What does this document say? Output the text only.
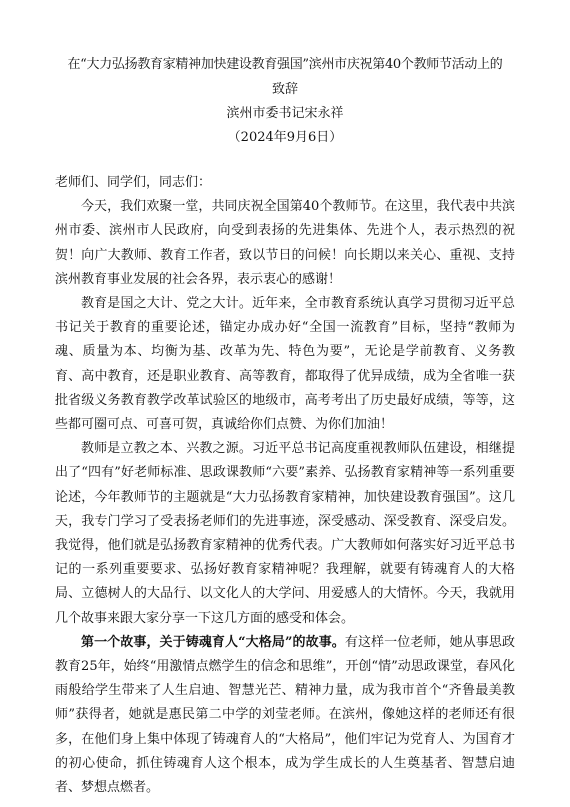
在“大力弘扬教育家精神加快建设教育强国”滨州市庆祝第40个教师节活动上的
致辞
滨州市委书记宋永祥
（2024年9月6日）

老师们、同学们，同志们：

今天，我们欢聚一堂，共同庆祝全国第40个教师节。在这里，我代表中共滨州市委、滨州市人民政府，向受到表扬的先进集体、先进个人，表示热烈的祝贺！向广大教师、教育工作者，致以节日的问候！向长期以来关心、重视、支持滨州教育事业发展的社会各界，表示衷心的感谢！

教育是国之大计、党之大计。近年来，全市教育系统认真学习贯彻习近平总书记关于教育的重要论述，锚定办成办好“全国一流教育”目标，坚持“教师为魂、质量为本、均衡为基、改革为先、特色为要”，无论是学前教育、义务教育、高中教育，还是职业教育、高等教育，都取得了优异成绩，成为全省唯一获批省级义务教育教学改革试验区的地级市，高考考出了历史最好成绩，等等，这些都可圈可点、可喜可贺，真诚给你们点赞、为你们加油！

教师是立教之本、兴教之源。习近平总书记高度重视教师队伍建设，相继提出了“四有”好老师标准、思政课教师“六要”素养、弘扬教育家精神等一系列重要论述，今年教师节的主题就是“大力弘扬教育家精神，加快建设教育强国”。这几天，我专门学习了受表扬老师们的先进事迹，深受感动、深受教育、深受启发。我觉得，他们就是弘扬教育家精神的优秀代表。广大教师如何落实好习近平总书记的一系列重要要求、弘扬好教育家精神呢？我理解，就要有铸魂育人的大格局、立德树人的大品行、以文化人的大学问、用爱感人的大情怀。今天，我就用几个故事来跟大家分享一下这几方面的感受和体会。

第一个故事，关于铸魂育人“大格局”的故事。有这样一位老师，她从事思政教育25年，始终“用激情点燃学生的信念和思维”，开创“情”动思政课堂，春风化雨般给学生带来了人生启迪、智慧光芒、精神力量，成为我市首个“齐鲁最美教师”获得者，她就是惠民第二中学的刘莹老师。在滨州，像她这样的老师还有很多，在他们身上集中体现了铸魂育人的“大格局”，他们牢记为党育人、为国育才的初心使命，抓住铸魂育人这个根本，成为学生成长的人生奠基者、智慧启迪者、梦想点燃者。
